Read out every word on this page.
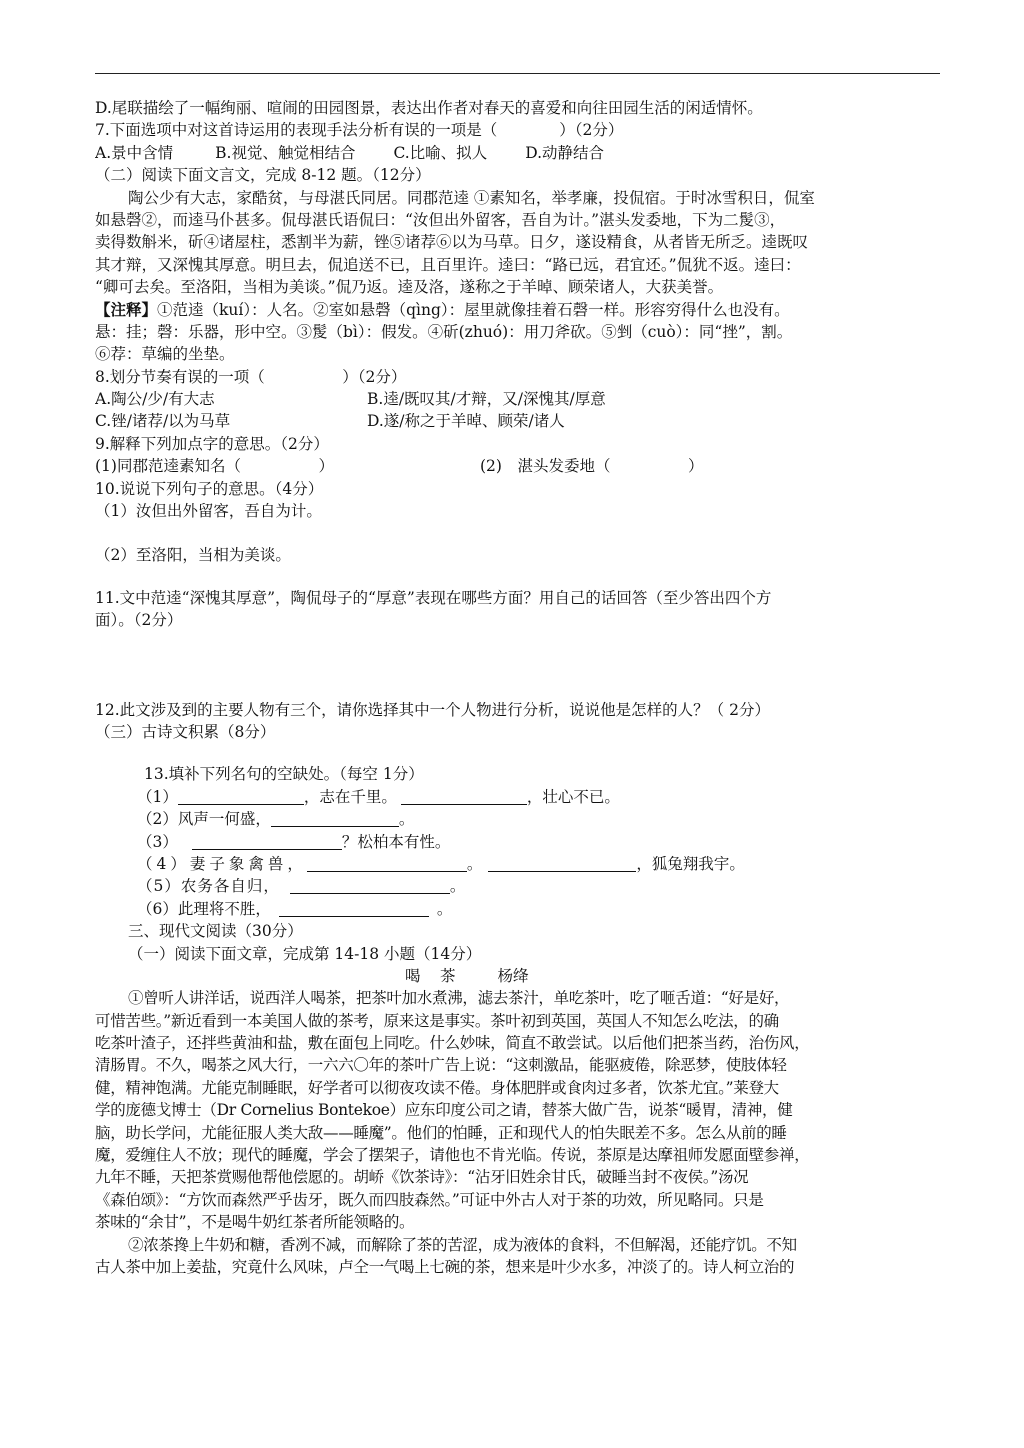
D.尾联描绘了一幅绚丽、喧闹的田园图景，表达出作者对春天的喜爱和向往田园生活的闲适情怀。
7.下面选项中对这首诗运用的表现手法分析有误的一项是（　　　　）（2分）
A.景中含情	B.视觉、触觉相结合 C.比喻、拟人 D.动静结合
（二）阅读下面文言文，完成 8-12 题。（12分）
陶公少有大志，家酷贫，与母湛氏同居。同郡范逵 ①素知名，举孝廉，投侃宿。于时冰雪积日，侃室
如悬磬②，而逵马仆甚多。侃母湛氏语侃曰：“汝但出外留客，吾自为计。”湛头发委地，下为二髲③，
卖得数斛米，斫④诸屋柱，悉割半为薪，锉⑤诸荐⑥以为马草。日夕，遂设精食，从者皆无所乏。逵既叹
其才辩，又深愧其厚意。明旦去，侃追送不已，且百里许。逵曰：“路已远，君宜还。”侃犹不返。逵曰：
“卿可去矣。至洛阳，当相为美谈。”侃乃返。逵及洛，遂称之于羊晫、顾荣诸人，大获美誉。
【注释】①范逵（kuí）：人名。②室如悬磬（qìng）：屋里就像挂着石磬一样。形容穷得什么也没有。
悬：挂；磬：乐器，形中空。③髲（bì）：假发。④斫(zhuó)：用刀斧砍。⑤剉（cuò）：同“挫”，割。
⑥荐：草编的坐垫。
8.划分节奏有误的一项（　　　　　）（2分）
A.陶公/少/有大志	B.逵/既叹其/才辩，又/深愧其/厚意
C.锉/诸荐/以为马草	D.遂/称之于羊晫、顾荣/诸人
9.解释下列加点字的意思。（2分）
(1)同郡范逵素知名（　　　　　）	(2)　湛头发委地（　　　　　）
10.说说下列句子的意思。（4分）
（1）汝但出外留客，吾自为计。
（2）至洛阳，当相为美谈。
11.文中范逵“深愧其厚意”，陶侃母子的“厚意”表现在哪些方面？用自己的话回答（至少答出四个方
面）。（2分）
12.此文涉及到的主要人物有三个，请你选择其中一个人物进行分析，说说他是怎样的人？（ 2分）
（三）古诗文积累（8分）
13.填补下列名句的空缺处。（每空 1分）
（1）	，志在千里。	，壮心不已。
（2）风声一何盛，	。
（3）	？松柏本有性。
（4）妻子象禽兽，	。	，狐兔翔我宇。
（5）农务各自归，	。
（6）此理将不胜，	。
三、现代文阅读（30分）
（一）阅读下面文章，完成第 14-18 小题（14分）
喝　茶	杨绛
①曾听人讲洋话，说西洋人喝茶，把茶叶加水煮沸，滤去茶汁，单吃茶叶，吃了咂舌道：“好是好，
可惜苦些。”新近看到一本美国人做的茶考，原来这是事实。茶叶初到英国，英国人不知怎么吃法，的确
吃茶叶渣子，还拌些黄油和盐，敷在面包上同吃。什么妙味，简直不敢尝试。以后他们把茶当药，治伤风，
清肠胃。不久，喝茶之风大行，一六六〇年的茶叶广告上说：“这刺激品，能驱疲倦，除恶梦，使肢体轻
健，精神饱满。尤能克制睡眠，好学者可以彻夜攻读不倦。身体肥胖或食肉过多者，饮茶尤宜。”莱登大
学的庞德戈博士（Dr Cornelius Bontekoe）应东印度公司之请，替茶大做广告，说茶“暖胃，清神，健
脑，助长学问，尤能征服人类大敌——睡魔”。他们的怕睡，正和现代人的怕失眠差不多。怎么从前的睡
魔，爱缠住人不放；现代的睡魔，学会了摆架子，请他也不肯光临。传说，茶原是达摩祖师发愿面壁参禅，
九年不睡，天把茶赏赐他帮他偿愿的。胡峤《饮茶诗》：“沾牙旧姓余甘氏，破睡当封不夜侯。”汤况
《森伯颂》：“方饮而森然严乎齿牙，既久而四肢森然。”可证中外古人对于茶的功效，所见略同。只是
茶味的“余甘”，不是喝牛奶红茶者所能领略的。
②浓茶搀上牛奶和糖，香冽不减，而解除了茶的苦涩，成为液体的食料，不但解渴，还能疗饥。不知
古人茶中加上姜盐，究竟什么风味，卢仝一气喝上七碗的茶，想来是叶少水多，冲淡了的。诗人柯立治的
